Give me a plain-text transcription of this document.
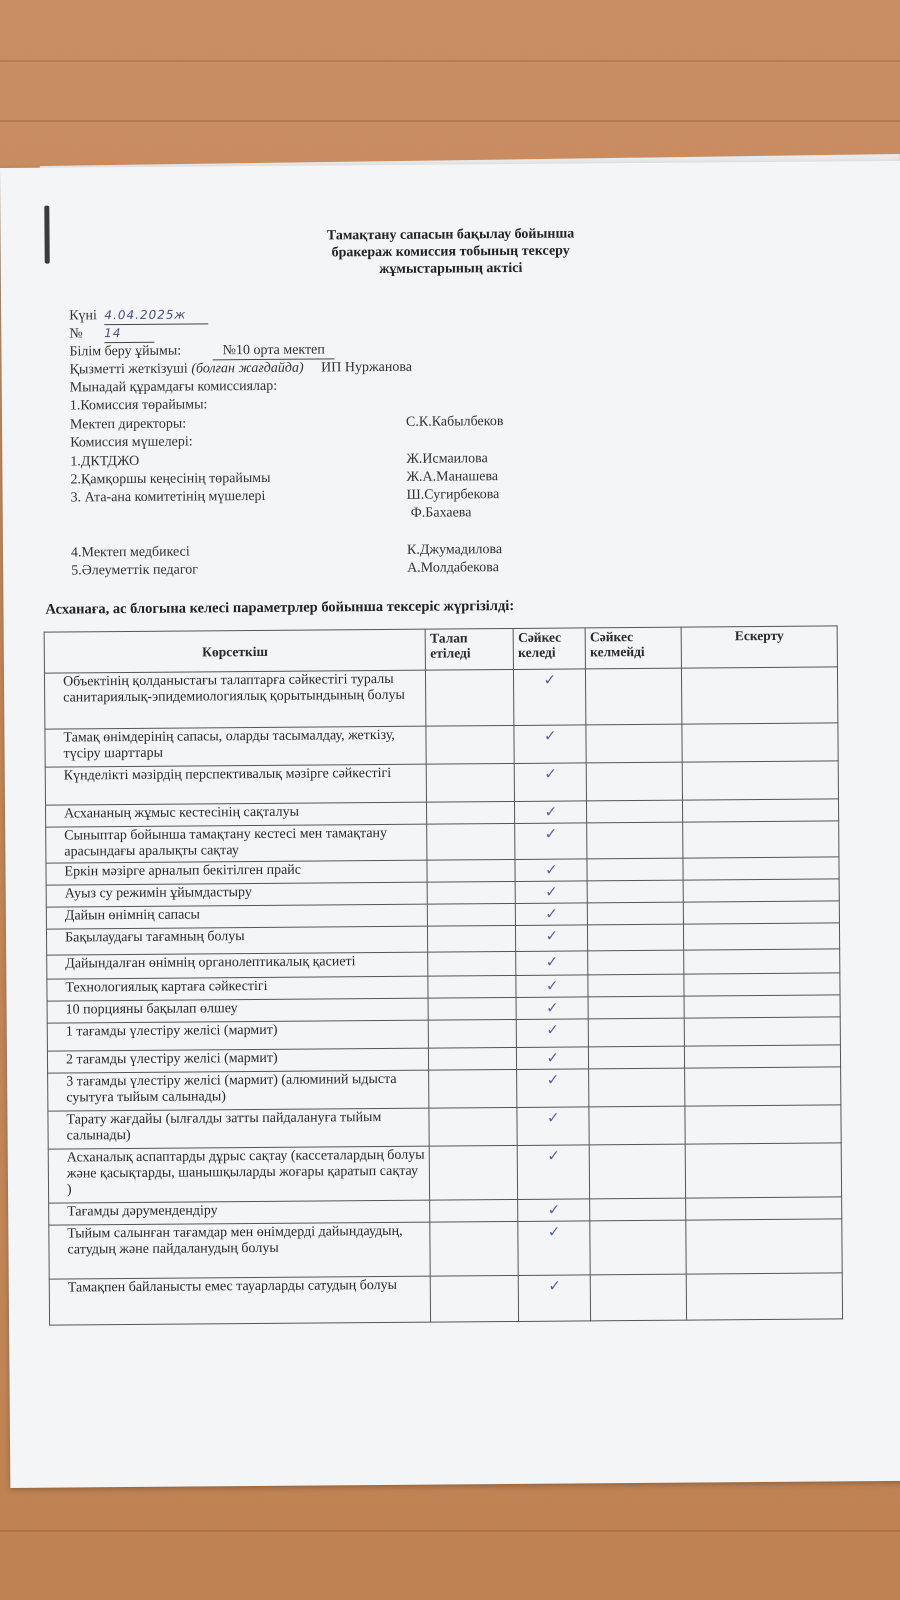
Тамақтану сапасын бақылау бойынша
бракераж комиссия тобының тексеру
жұмыстарының актісі
Күні 4.04.2025ж
№ 14
Білім беру ұйымы:	№10 орта мектеп
Қызметті жеткізуші (болған жағдайда) ИП Нуржанова
Мынадай құрамдағы комиссиялар:
1.Комиссия төрайымы:
Мектеп директоры:	С.К.Кабылбеков
Комиссия мүшелері:
1.ДКТДЖО	Ж.Исмаилова
2.Қамқоршы кеңесінің төрайымы	Ж.А.Манашева
3. Ата-ана комитетінің мүшелері	Ш.Сугирбекова
Ф.Бахаева
4.Мектеп медбикесі	К.Джумадилова
5.Әлеуметтік педагог	А.Молдабекова
Асханаға, ас блогына келесі параметрлер бойынша тексеріс жүргізілді:
Көрсеткіш	Талап етіледі	Сәйкес келеді	Сәйкес келмейді	Ескерту
Объектінің қолданыстағы талаптарға сәйкестігі туралы санитариялық-эпидемиологиялық қорытындының болуы		✓		
Тамақ өнімдерінің сапасы, оларды тасымалдау, жеткізу, түсіру шарттары		✓		
Күнделікті мәзірдің перспективалық мәзірге сәйкестігі		✓		
Асхананың жұмыс кестесінің сақталуы		✓		
Сыныптар бойынша тамақтану кестесі мен тамақтану арасындағы аралықты сақтау		✓		
Еркін мәзірге арналып бекітілген прайс		✓		
Ауыз су режимін ұйымдастыру		✓		
Дайын өнімнің сапасы		✓		
Бақылаудағы тағамның болуы		✓		
Дайындалған өнімнің органолептикалық қасиеті		✓		
Технологиялық картаға сәйкестігі		✓		
10 порцияны бақылап өлшеу		✓		
1 тағамды үлестіру желісі (мармит)		✓		
2 тағамды үлестіру желісі (мармит)		✓		
3 тағамды үлестіру желісі (мармит) (алюминий ыдыста суытуға тыйым салынады)		✓		
Тарату жағдайы (ылғалды затты пайдалануға тыйым салынады)		✓		
Асханалық аспаптарды дұрыс сақтау (кассеталардың болуы және қасықтарды, шанышқыларды жоғары қаратып сақтау )		✓		
Тағамды дәрумендендіру		✓		
Тыйым салынған тағамдар мен өнімдерді дайындаудың, сатудың және пайдаланудың болуы		✓		
Тамақпен байланысты емес тауарларды сатудың болуы		✓		
